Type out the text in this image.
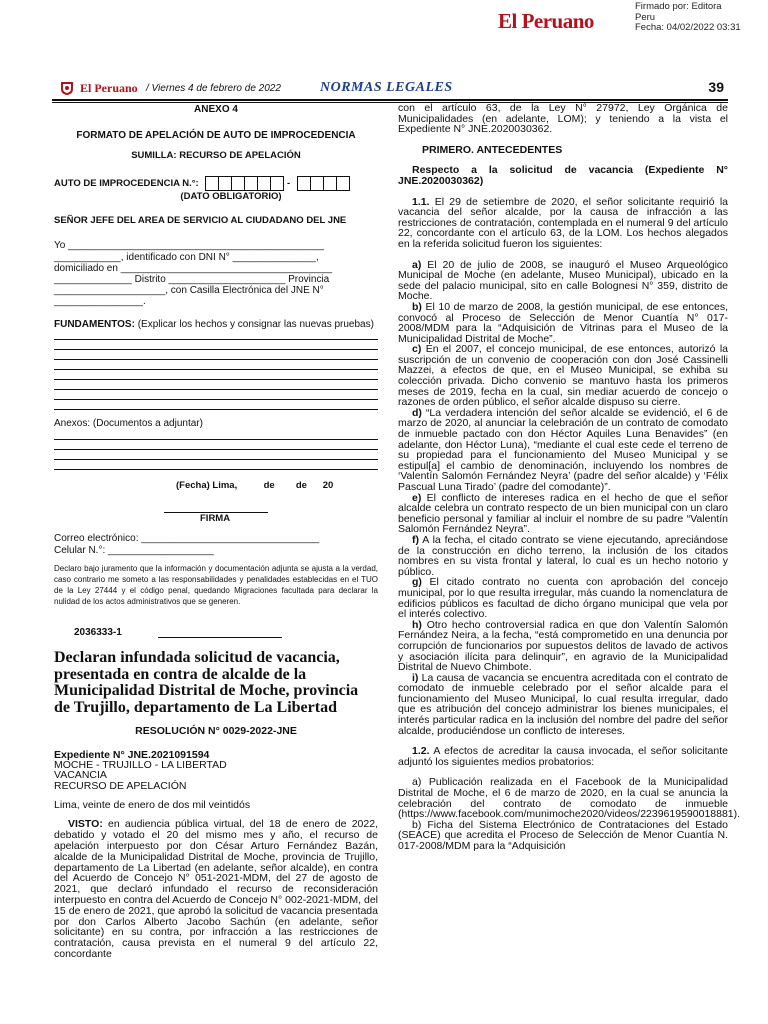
El Peruano
Firmado por: Editora
Peru
Fecha: 04/02/2022 03:31
El Peruano / Viernes 4 de febrero de 2022	NORMAS LEGALES	39

ANEXO 4

FORMATO DE APELACIÓN DE AUTO DE IMPROCEDENCIA

SUMILLA: RECURSO DE APELACIÓN

AUTO DE IMPROCEDENCIA N.°:	-

(DATO OBLIGATORIO)

SEÑOR JEFE DEL AREA DE SERVICIO AL CIUDADANO DEL JNE

Yo ______________________________________________

____________, identificado con DNI N° _______________,

domiciliado en ______________________________________

______________ Distrito _____________________ Provincia

____________________, con Casilla Electrónica del JNE N°

________________.

FUNDAMENTOS: (Explicar los hechos y consignar las nuevas pruebas)

Anexos: (Documentos a adjuntar)

(Fecha) Lima,          de        de      20

FIRMA

Correo electrónico: ________________________________

Celular N.°: ___________________

Declaro bajo juramento que la información y documentación adjunta se ajusta a la verdad, caso contrario me someto a las responsabilidades y penalidades establecidas en el TUO de la Ley 27444 y el código penal, quedando Migraciones facultada para declarar la nulidad de los actos administrativos que se generen.

2036333-1

Declaran infundada solicitud de vacancia, presentada en contra de alcalde de la Municipalidad Distrital de Moche, provincia de Trujillo, departamento de La Libertad

RESOLUCIÓN N° 0029-2022-JNE

Expediente N° JNE.2021091594

MOCHE - TRUJILLO - LA LIBERTAD

VACANCIA

RECURSO DE APELACIÓN

Lima, veinte de enero de dos mil veintidós

VISTO: en audiencia pública virtual, del 18 de enero de 2022, debatido y votado el 20 del mismo mes y año, el recurso de apelación interpuesto por don César Arturo Fernández Bazán, alcalde de la Municipalidad Distrital de Moche, provincia de Trujillo, departamento de La Libertad (en adelante, señor alcalde), en contra del Acuerdo de Concejo N° 051-2021-MDM, del 27 de agosto de 2021, que declaró infundado el recurso de reconsideración interpuesto en contra del Acuerdo de Concejo N° 002-2021-MDM, del 15 de enero de 2021, que aprobó la solicitud de vacancia presentada por don Carlos Alberto Jacobo Sachún (en adelante, señor solicitante) en su contra, por infracción a las restricciones de contratación, causa prevista en el numeral 9 del artículo 22, concordante

con el artículo 63, de la Ley N° 27972, Ley Orgánica de Municipalidades (en adelante, LOM); y teniendo a la vista el Expediente N° JNE.2020030362.

PRIMERO. ANTECEDENTES

Respecto a la solicitud de vacancia (Expediente N° JNE.2020030362)

1.1. El 29 de setiembre de 2020, el señor solicitante requirió la vacancia del señor alcalde, por la causa de infracción a las restricciones de contratación, contemplada en el numeral 9 del artículo 22, concordante con el artículo 63, de la LOM. Los hechos alegados en la referida solicitud fueron los siguientes:

a) El 20 de julio de 2008, se inauguró el Museo Arqueológico Municipal de Moche (en adelante, Museo Municipal), ubicado en la sede del palacio municipal, sito en calle Bolognesi N° 359, distrito de Moche.

b) El 10 de marzo de 2008, la gestión municipal, de ese entonces, convocó al Proceso de Selección de Menor Cuantía N° 017-2008/MDM para la “Adquisición de Vitrinas para el Museo de la Municipalidad Distrital de Moche”.

c) En el 2007, el concejo municipal, de ese entonces, autorizó la suscripción de un convenio de cooperación con don José Cassinelli Mazzei, a efectos de que, en el Museo Municipal, se exhiba su colección privada. Dicho convenio se mantuvo hasta los primeros meses de 2019, fecha en la cual, sin mediar acuerdo de concejo o razones de orden público, el señor alcalde dispuso su cierre.

d) “La verdadera intención del señor alcalde se evidenció, el 6 de marzo de 2020, al anunciar la celebración de un contrato de comodato de inmueble pactado con don Héctor Aquiles Luna Benavides” (en adelante, don Héctor Luna), “mediante el cual este cede el terreno de su propiedad para el funcionamiento del Museo Municipal y se estipul[a] el cambio de denominación, incluyendo los nombres de ‘Valentín Salomón Fernández Neyra’ (padre del señor alcalde) y ‘Félix Pascual Luna Tirado’ (padre del comodante)”.

e) El conflicto de intereses radica en el hecho de que el señor alcalde celebra un contrato respecto de un bien municipal con un claro beneficio personal y familiar al incluir el nombre de su padre “Valentín Salomón Fernández Neyra”.

f) A la fecha, el citado contrato se viene ejecutando, apreciándose de la construcción en dicho terreno, la inclusión de los citados nombres en su vista frontal y lateral, lo cual es un hecho notorio y público.

g) El citado contrato no cuenta con aprobación del concejo municipal, por lo que resulta irregular, más cuando la nomenclatura de edificios públicos es facultad de dicho órgano municipal que vela por el interés colectivo.

h) Otro hecho controversial radica en que don Valentín Salomón Fernández Neira, a la fecha, “está comprometido en una denuncia por corrupción de funcionarios por supuestos delitos de lavado de activos y asociación ilícita para delinquir”, en agravio de la Municipalidad Distrital de Nuevo Chimbote.

i) La causa de vacancia se encuentra acreditada con el contrato de comodato de inmueble celebrado por el señor alcalde para el funcionamiento del Museo Municipal, lo cual resulta irregular, dado que es atribución del concejo administrar los bienes municipales, el interés particular radica en la inclusión del nombre del padre del señor alcalde, produciéndose un conflicto de intereses.

1.2. A efectos de acreditar la causa invocada, el señor solicitante adjuntó los siguientes medios probatorios:

a) Publicación realizada en el Facebook de la Municipalidad Distrital de Moche, el 6 de marzo de 2020, en la cual se anuncia la celebración del contrato de comodato de inmueble (https://www.facebook.com/munimoche2020/videos/2239619590018881).

b) Ficha del Sistema Electrónico de Contrataciones del Estado (SEACE) que acredita el Proceso de Selección de Menor Cuantía N. 017-2008/MDM para la “Adquisición
